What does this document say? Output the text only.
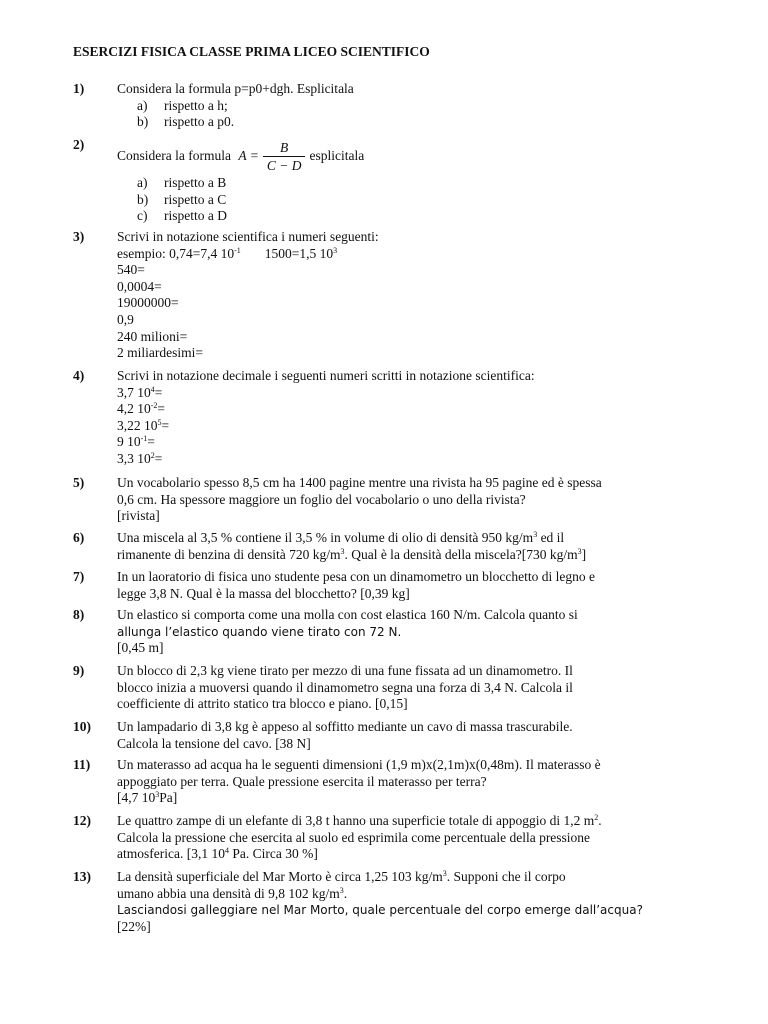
ESERCIZI FISICA CLASSE PRIMA LICEO SCIENTIFICO
1) Considera la formula p=p0+dgh. Esplicitala
a) rispetto a h;
b) rispetto a p0.
2)
Considera la formula $A = \frac{B}{C - D}$ esplicitala
a) rispetto a B
b) rispetto a C
c) rispetto a D
3) Scrivi in notazione scientifica i numeri seguenti:
esempio: 0,74=7,4 $10^{-1}$ 1500=1,5 $10^3$
540=
0,0004=
19000000=
0,9
240 milioni=
2 miliardesimi=
4) Scrivi in notazione decimale i seguenti numeri scritti in notazione scientifica:
3,7 $10^4=$
4,2 $10^{-2}=$
3,22 $10^5=$
9 $10^{-1}=$
3,3 $10^2=$
5) Un vocabolario spesso 8,5 cm ha 1400 pagine mentre una rivista ha 95 pagine ed è spessa
0,6 cm. Ha spessore maggiore un foglio del vocabolario o uno della rivista?
[rivista]
6) Una miscela al 3,5 % contiene il 3,5 % in volume di olio di densità 950 $kg/m^3$ ed il
rimanente di benzina di densità 720 $kg/m^3$. Qual è la densità della miscela?[730 $kg/m^3$]
7) In un laoratorio di fisica uno studente pesa con un dinamometro un blocchetto di legno e
legge 3,8 N. Qual è la massa del blocchetto? [0,39 kg]
8) Un elastico si comporta come una molla con cost elastica 160 N/m. Calcola quanto si
allunga l’elastico quando viene tirato con 72 N.
[0,45 m]
9) Un blocco di 2,3 kg viene tirato per mezzo di una fune fissata ad un dinamometro. Il
blocco inizia a muoversi quando il dinamometro segna una forza di 3,4 N. Calcola il
coefficiente di attrito statico tra blocco e piano. [0,15]
10) Un lampadario di 3,8 kg è appeso al soffitto mediante un cavo di massa trascurabile.
Calcola la tensione del cavo. [38 N]
11) Un materasso ad acqua ha le seguenti dimensioni (1,9 m)x(2,1m)x(0,48m). Il materasso è
appoggiato per terra. Quale pressione esercita il materasso per terra?
[4,7 $10^3Pa$]
12) Le quattro zampe di un elefante di 3,8 t hanno una superficie totale di appoggio di 1,2 $m^2$.
Calcola la pressione che esercita al suolo ed esprimila come percentuale della pressione
atmosferica. [3,1 $10^4$ Pa. Circa 30 %]
13) La densità superficiale del Mar Morto è circa 1,25 103 $kg/m^3$. Supponi che il corpo
umano abbia una densità di 9,8 102 $kg/m^3$.
Lasciandosi galleggiare nel Mar Morto, quale percentuale del corpo emerge dall’acqua?
[22%]
